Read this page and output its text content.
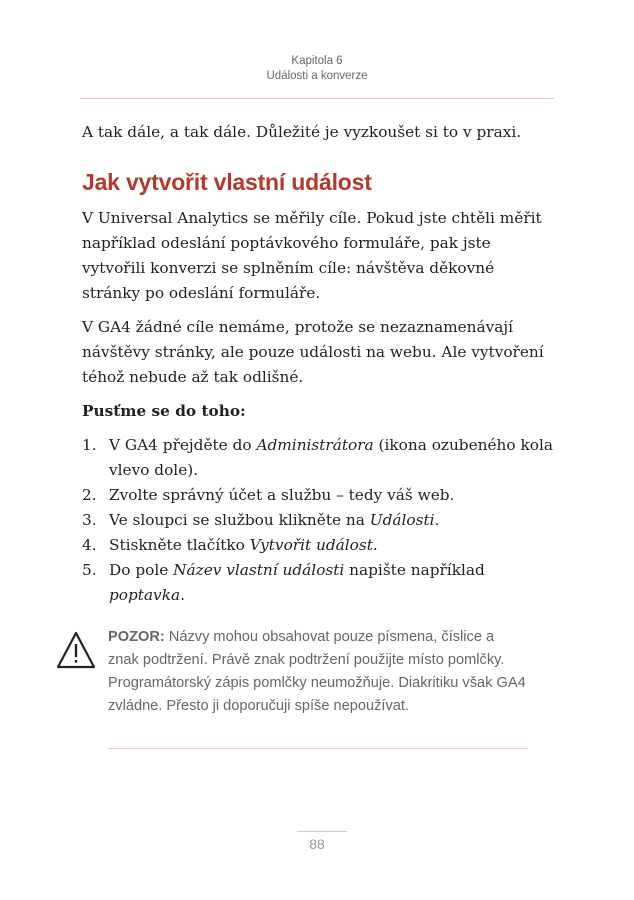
Kapitola 6
Události a konverze

A tak dále, a tak dále. Důležité je vyzkoušet si to v praxi.

Jak vytvořit vlastní událost

V Universal Analytics se měřily cíle. Pokud jste chtěli měřit například odeslání poptávkového formuláře, pak jste vytvořili konverzi se splněním cíle: návštěva děkovné stránky po odeslání formuláře.

V GA4 žádné cíle nemáme, protože se nezaznamenávají návštěvy stránky, ale pouze události na webu. Ale vytvoření téhož nebude až tak odlišné.

Pusťme se do toho:

1. V GA4 přejděte do Administrátora (ikona ozubeného kola vlevo dole).
2. Zvolte správný účet a službu – tedy váš web.
3. Ve sloupci se službou klikněte na Události.
4. Stiskněte tlačítko Vytvořit událost.
5. Do pole Název vlastní události napište například poptavka.
POZOR: Názvy mohou obsahovat pouze písmena, číslice a znak podtržení. Právě znak podtržení použijte místo pomlčky. Programátorský zápis pomlčky neumožňuje. Diakritiku však GA4 zvládne. Přesto ji doporučuji spíše nepoužívat.
88
